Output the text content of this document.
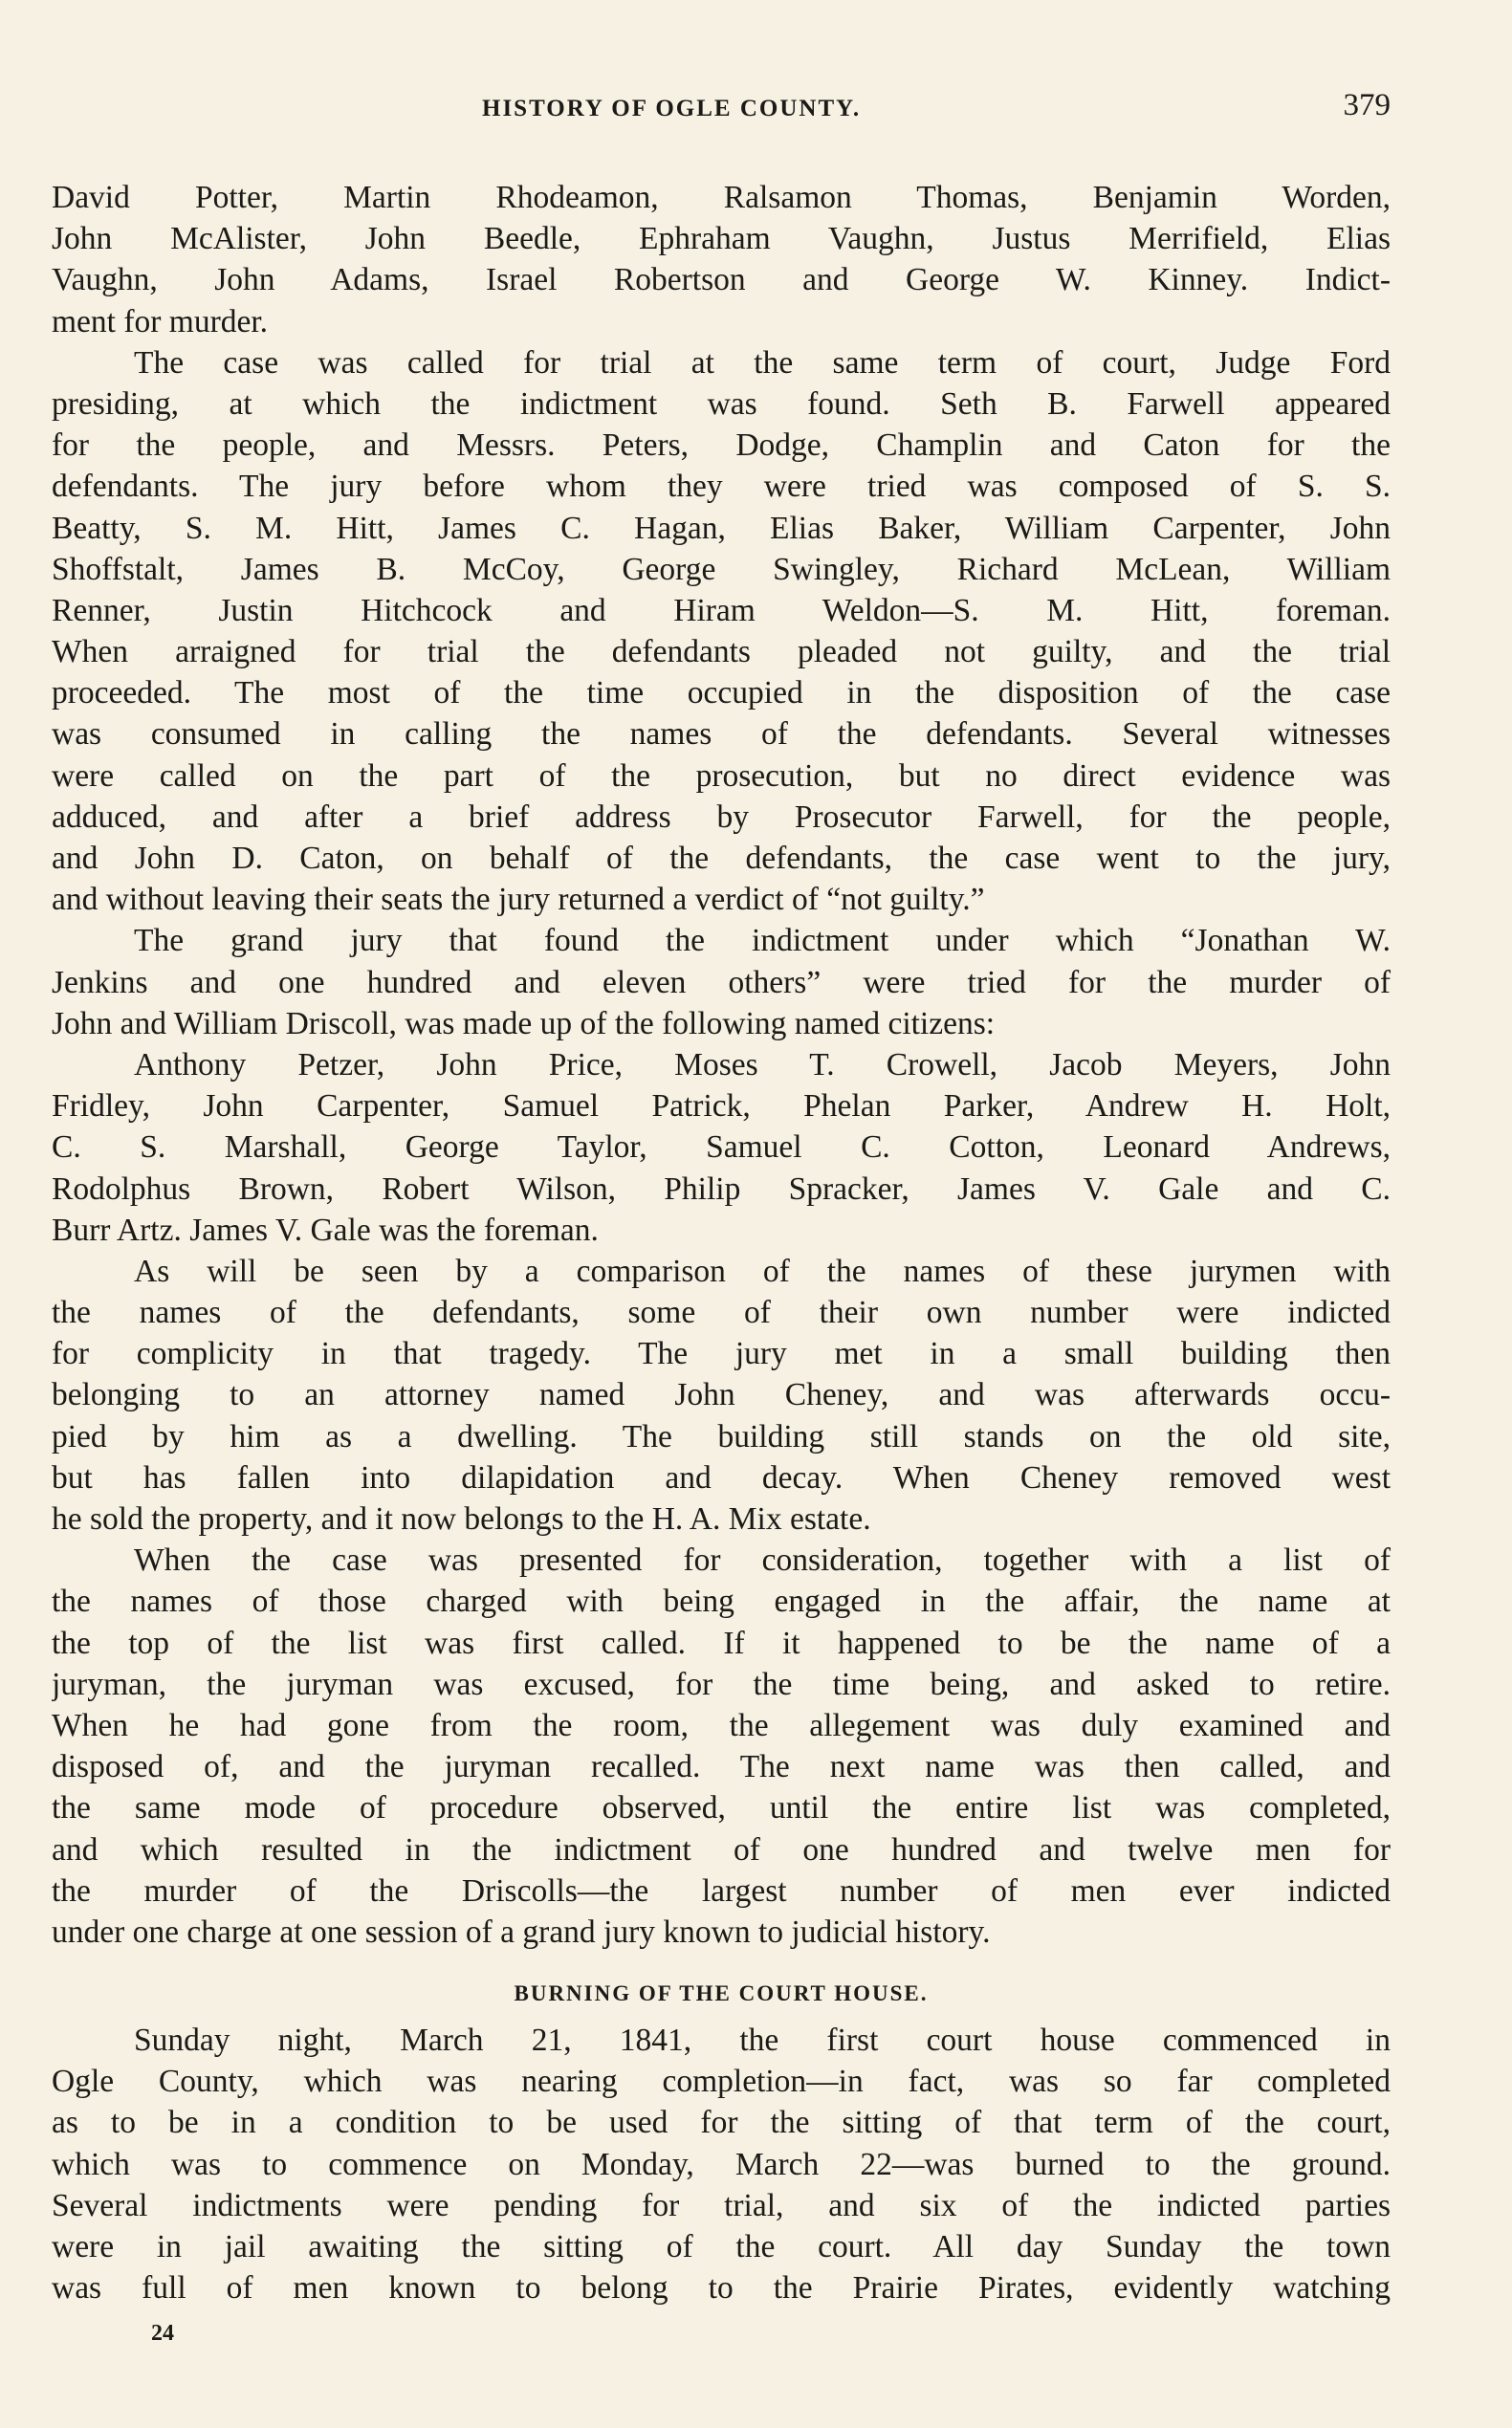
HISTORY OF OGLE COUNTY.	379
David Potter, Martin Rhodeamon, Ralsamon Thomas, Benjamin Worden,
John McAlister, John Beedle, Ephraham Vaughn, Justus Merrifield, Elias
Vaughn, John Adams, Israel Robertson and George W. Kinney. Indict-
ment for murder.
The case was called for trial at the same term of court, Judge Ford
presiding, at which the indictment was found. Seth B. Farwell appeared
for the people, and Messrs. Peters, Dodge, Champlin and Caton for the
defendants. The jury before whom they were tried was composed of S. S.
Beatty, S. M. Hitt, James C. Hagan, Elias Baker, William Carpenter, John
Shoffstalt, James B. McCoy, George Swingley, Richard McLean, William
Renner, Justin Hitchcock and Hiram Weldon—S. M. Hitt, foreman.
When arraigned for trial the defendants pleaded not guilty, and the trial
proceeded. The most of the time occupied in the disposition of the case
was consumed in calling the names of the defendants. Several witnesses
were called on the part of the prosecution, but no direct evidence was
adduced, and after a brief address by Prosecutor Farwell, for the people,
and John D. Caton, on behalf of the defendants, the case went to the jury,
and without leaving their seats the jury returned a verdict of “not guilty.”
The grand jury that found the indictment under which “Jonathan W.
Jenkins and one hundred and eleven others” were tried for the murder of
John and William Driscoll, was made up of the following named citizens:
Anthony Petzer, John Price, Moses T. Crowell, Jacob Meyers, John
Fridley, John Carpenter, Samuel Patrick, Phelan Parker, Andrew H. Holt,
C. S. Marshall, George Taylor, Samuel C. Cotton, Leonard Andrews,
Rodolphus Brown, Robert Wilson, Philip Spracker, James V. Gale and C.
Burr Artz. James V. Gale was the foreman.
As will be seen by a comparison of the names of these jurymen with
the names of the defendants, some of their own number were indicted
for complicity in that tragedy. The jury met in a small building then
belonging to an attorney named John Cheney, and was afterwards occu-
pied by him as a dwelling. The building still stands on the old site,
but has fallen into dilapidation and decay. When Cheney removed west
he sold the property, and it now belongs to the H. A. Mix estate.
When the case was presented for consideration, together with a list of
the names of those charged with being engaged in the affair, the name at
the top of the list was first called. If it happened to be the name of a
juryman, the juryman was excused, for the time being, and asked to retire.
When he had gone from the room, the allegement was duly examined and
disposed of, and the juryman recalled. The next name was then called, and
the same mode of procedure observed, until the entire list was completed,
and which resulted in the indictment of one hundred and twelve men for
the murder of the Driscolls—the largest number of men ever indicted
under one charge at one session of a grand jury known to judicial history.
BURNING OF THE COURT HOUSE.
Sunday night, March 21, 1841, the first court house commenced in
Ogle County, which was nearing completion—in fact, was so far completed
as to be in a condition to be used for the sitting of that term of the court,
which was to commence on Monday, March 22—was burned to the ground.
Several indictments were pending for trial, and six of the indicted parties
were in jail awaiting the sitting of the court. All day Sunday the town
was full of men known to belong to the Prairie Pirates, evidently watching
24
